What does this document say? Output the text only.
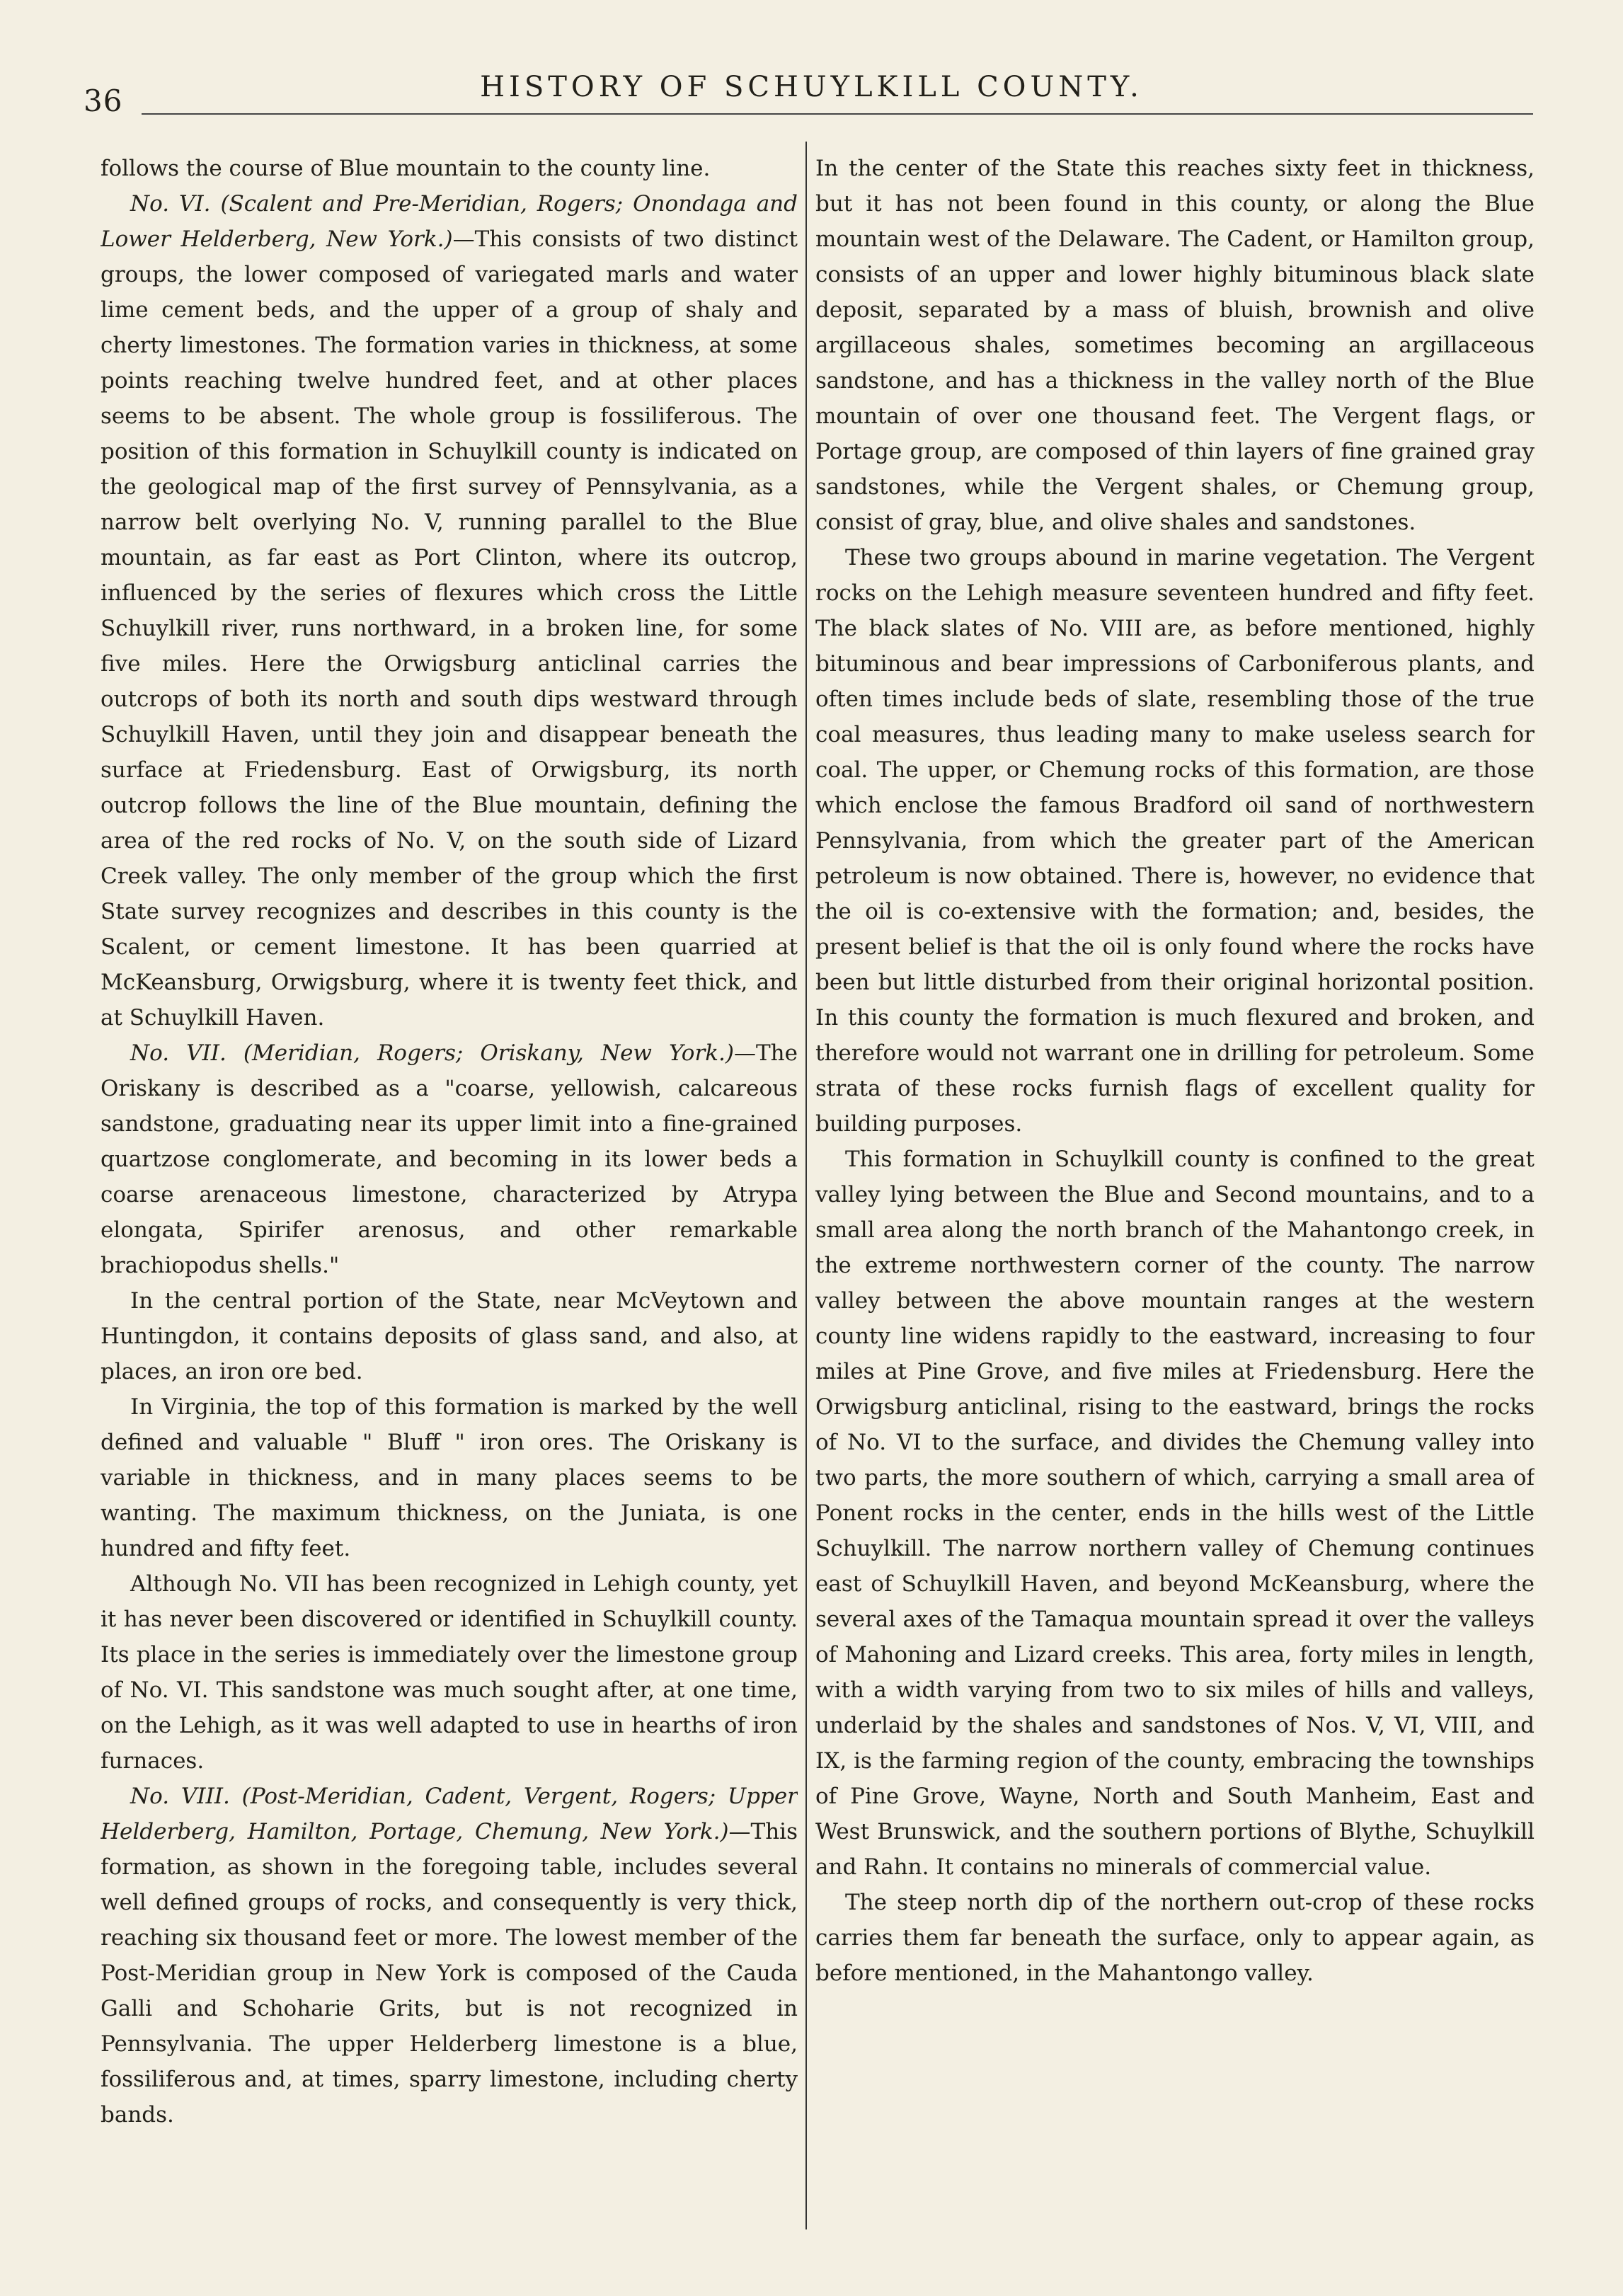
36	HISTORY OF SCHUYLKILL COUNTY.

follows the course of Blue mountain to the county line.

No. VI. (Scalent and Pre-Meridian, Rogers; Onondaga and Lower Helderberg, New York.)—This consists of two distinct groups, the lower composed of variegated marls and water lime cement beds, and the upper of a group of shaly and cherty limestones. The formation varies in thickness, at some points reaching twelve hundred feet, and at other places seems to be absent. The whole group is fossiliferous. The position of this formation in Schuylkill county is indicated on the geological map of the first survey of Pennsylvania, as a narrow belt overlying No. V, running parallel to the Blue mountain, as far east as Port Clinton, where its outcrop, influenced by the series of flexures which cross the Little Schuylkill river, runs northward, in a broken line, for some five miles. Here the Orwigsburg anticlinal carries the outcrops of both its north and south dips westward through Schuylkill Haven, until they join and disappear beneath the surface at Friedensburg. East of Orwigsburg, its north outcrop follows the line of the Blue mountain, defining the area of the red rocks of No. V, on the south side of Lizard Creek valley. The only member of the group which the first State survey recognizes and describes in this county is the Scalent, or cement limestone. It has been quarried at McKeansburg, Orwigsburg, where it is twenty feet thick, and at Schuylkill Haven.

No. VII. (Meridian, Rogers; Oriskany, New York.)—The Oriskany is described as a "coarse, yellowish, calcareous sandstone, graduating near its upper limit into a fine-grained quartzose conglomerate, and becoming in its lower beds a coarse arenaceous limestone, characterized by Atrypa elongata, Spirifer arenosus, and other remarkable brachiopodus shells."

In the central portion of the State, near McVeytown and Huntingdon, it contains deposits of glass sand, and also, at places, an iron ore bed.

In Virginia, the top of this formation is marked by the well defined and valuable " Bluff " iron ores. The Oriskany is variable in thickness, and in many places seems to be wanting. The maximum thickness, on the Juniata, is one hundred and fifty feet.

Although No. VII has been recognized in Lehigh county, yet it has never been discovered or identified in Schuylkill county. Its place in the series is immediately over the limestone group of No. VI. This sandstone was much sought after, at one time, on the Lehigh, as it was well adapted to use in hearths of iron furnaces.

No. VIII. (Post-Meridian, Cadent, Vergent, Rogers; Upper Helderberg, Hamilton, Portage, Chemung, New York.)—This formation, as shown in the foregoing table, includes several well defined groups of rocks, and consequently is very thick, reaching six thousand feet or more. The lowest member of the Post-Meridian group in New York is composed of the Cauda Galli and Schoharie Grits, but is not recognized in Pennsylvania. The upper Helderberg limestone is a blue, fossiliferous and, at times, sparry limestone, including cherty bands.

In the center of the State this reaches sixty feet in thickness, but it has not been found in this county, or along the Blue mountain west of the Delaware. The Cadent, or Hamilton group, consists of an upper and lower highly bituminous black slate deposit, separated by a mass of bluish, brownish and olive argillaceous shales, sometimes becoming an argillaceous sandstone, and has a thickness in the valley north of the Blue mountain of over one thousand feet. The Vergent flags, or Portage group, are composed of thin layers of fine grained gray sandstones, while the Vergent shales, or Chemung group, consist of gray, blue, and olive shales and sandstones.

These two groups abound in marine vegetation. The Vergent rocks on the Lehigh measure seventeen hundred and fifty feet. The black slates of No. VIII are, as before mentioned, highly bituminous and bear impressions of Carboniferous plants, and often times include beds of slate, resembling those of the true coal measures, thus leading many to make useless search for coal. The upper, or Chemung rocks of this formation, are those which enclose the famous Bradford oil sand of northwestern Pennsylvania, from which the greater part of the American petroleum is now obtained. There is, however, no evidence that the oil is co-extensive with the formation; and, besides, the present belief is that the oil is only found where the rocks have been but little disturbed from their original horizontal position. In this county the formation is much flexured and broken, and therefore would not warrant one in drilling for petroleum. Some strata of these rocks furnish flags of excellent quality for building purposes.

This formation in Schuylkill county is confined to the great valley lying between the Blue and Second mountains, and to a small area along the north branch of the Mahantongo creek, in the extreme northwestern corner of the county. The narrow valley between the above mountain ranges at the western county line widens rapidly to the eastward, increasing to four miles at Pine Grove, and five miles at Friedensburg. Here the Orwigsburg anticlinal, rising to the eastward, brings the rocks of No. VI to the surface, and divides the Chemung valley into two parts, the more southern of which, carrying a small area of Ponent rocks in the center, ends in the hills west of the Little Schuylkill. The narrow northern valley of Chemung continues east of Schuylkill Haven, and beyond McKeansburg, where the several axes of the Tamaqua mountain spread it over the valleys of Mahoning and Lizard creeks. This area, forty miles in length, with a width varying from two to six miles of hills and valleys, underlaid by the shales and sandstones of Nos. V, VI, VIII, and IX, is the farming region of the county, embracing the townships of Pine Grove, Wayne, North and South Manheim, East and West Brunswick, and the southern portions of Blythe, Schuylkill and Rahn. It contains no minerals of commercial value.

The steep north dip of the northern out-crop of these rocks carries them far beneath the surface, only to appear again, as before mentioned, in the Mahantongo valley.
